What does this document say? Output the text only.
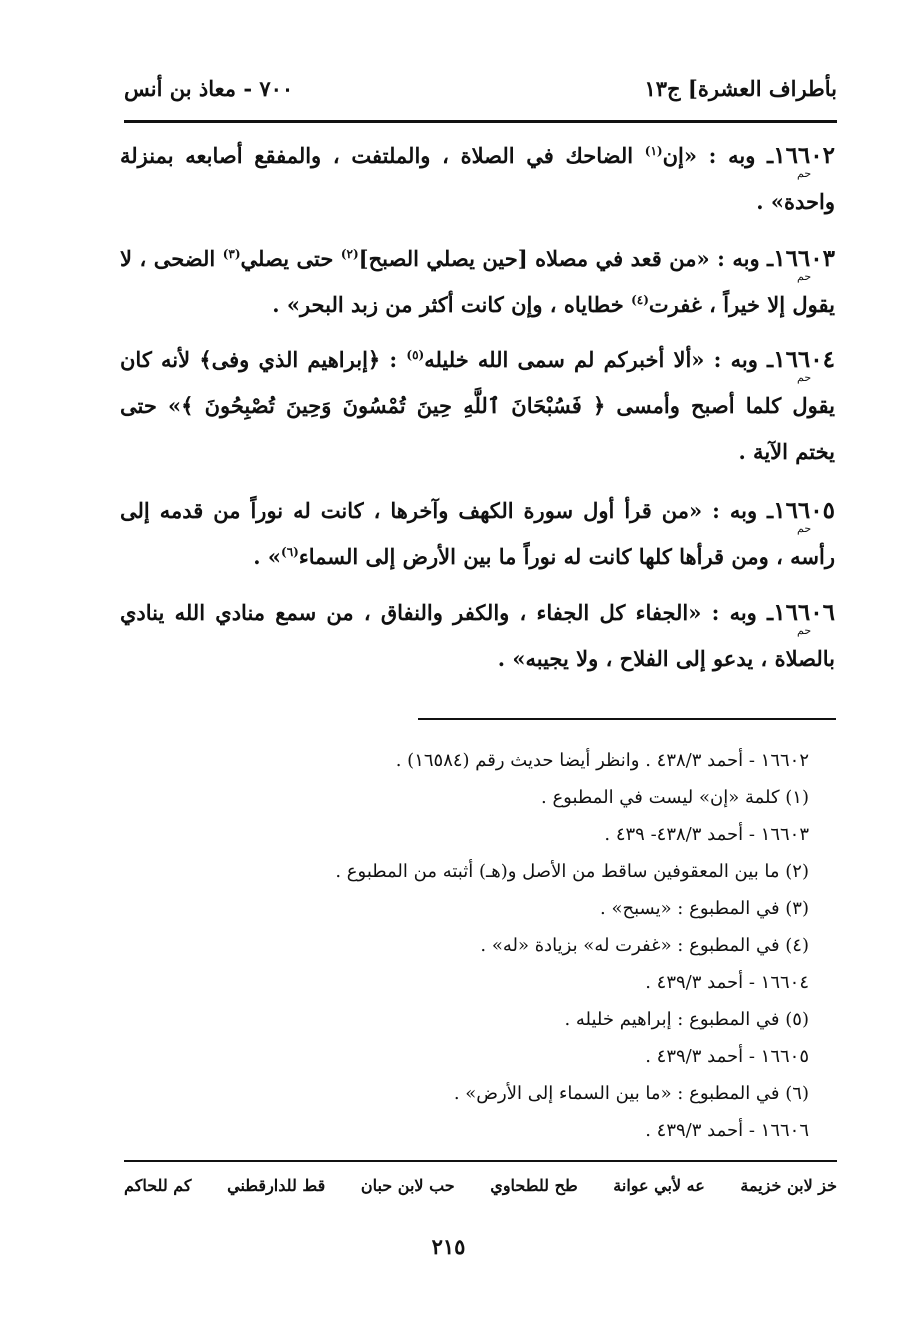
بأطراف العشرة] ج١٣
٧٠٠ - معاذ بن أنس
١٦٦٠٢
حم
ـ وبه : «إن$^{(١)}$ الضاحك في الصلاة ، والملتفت ، والمفقع أصابعه بمنزلة واحدة» .
١٦٦٠٣
حم
ـ وبه : «من قعد في مصلاه [حين يصلي الصبح]$^{(٢)}$ حتى يصلي$^{(٣)}$ الضحى ، لا يقول إلا خيراً ، غفرت$^{(٤)}$ خطاياه ، وإن كانت أكثر من زبد البحر» .
١٦٦٠٤
حم
ـ وبه : «ألا أخبركم لم سمى الله خليله$^{(٥)}$ : ﴿إبراهيم الذي وفى﴾ لأنه كان يقول كلما أصبح وأمسى ﴿ فَسُبْحَانَ ٱللَّهِ حِينَ تُمْسُونَ وَحِينَ تُصْبِحُونَ ﴾» حتى يختم الآية .
١٦٦٠٥
حم
ـ وبه : «من قرأ أول سورة الكهف وآخرها ، كانت له نوراً من قدمه إلى رأسه ، ومن قرأها كلها كانت له نوراً ما بين الأرض إلى السماء$^{(٦)}$» .
١٦٦٠٦
حم
ـ وبه : «الجفاء كل الجفاء ، والكفر والنفاق ، من سمع منادي الله ينادي بالصلاة ، يدعو إلى الفلاح ، ولا يجيبه» .
١٦٦٠٢ - أحمد ٤٣٨/٣ . وانظر أيضا حديث رقم (١٦٥٨٤) .
(١) كلمة «إن» ليست في المطبوع .
١٦٦٠٣ - أحمد ٤٣٨/٣- ٤٣٩ .
(٢) ما بين المعقوفين ساقط من الأصل و(هـ) أثبته من المطبوع .
(٣) في المطبوع : «يسبح» .
(٤) في المطبوع : «غفرت له» بزيادة «له» .
١٦٦٠٤ - أحمد ٤٣٩/٣ .
(٥) في المطبوع : إبراهيم خليله .
١٦٦٠٥ - أحمد ٤٣٩/٣ .
(٦) في المطبوع : «ما بين السماء إلى الأرض» .
١٦٦٠٦ - أحمد ٤٣٩/٣ .
خز لابن خزيمة
عه لأبي عوانة
طح للطحاوي
حب لابن حبان
قط للدارقطني
كم للحاكم
٢١٥
